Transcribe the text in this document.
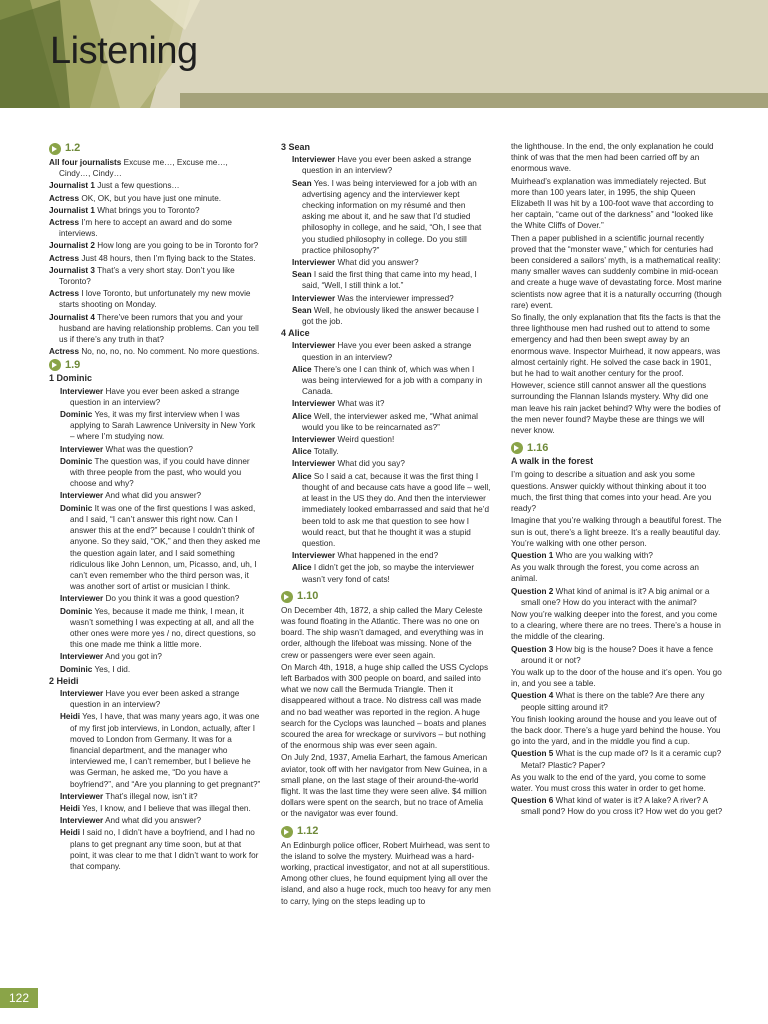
Listening
1.2
All four journalists Excuse me…, Excuse me…, Cindy…, Cindy…
Journalist 1 Just a few questions…
Actress OK, OK, but you have just one minute.
Journalist 1 What brings you to Toronto?
Actress I’m here to accept an award and do some interviews.
Journalist 2 How long are you going to be in Toronto for?
Actress Just 48 hours, then I’m flying back to the States.
Journalist 3 That’s a very short stay. Don’t you like Toronto?
Actress I love Toronto, but unfortunately my new movie starts shooting on Monday.
Journalist 4 There’ve been rumors that you and your husband are having relationship problems. Can you tell us if there’s any truth in that?
Actress No, no, no, no. No comment. No more questions.
1.9
1 Dominic
Interviewer Have you ever been asked a strange question in an interview?
Dominic Yes, it was my first interview when I was applying to Sarah Lawrence University in New York – where I’m studying now.
Interviewer What was the question?
Dominic The question was, if you could have dinner with three people from the past, who would you choose and why?
Interviewer And what did you answer?
Dominic It was one of the first questions I was asked, and I said, “I can’t answer this right now. Can I answer this at the end?” because I couldn’t think of anyone. So they said, “OK,” and then they asked me the question again later, and I said something ridiculous like John Lennon, um, Picasso, and, uh, I can’t even remember who the third person was, it was another sort of artist or musician I think.
Interviewer Do you think it was a good question?
Dominic Yes, because it made me think, I mean, it wasn’t something I was expecting at all, and all the other ones were more yes / no, direct questions, so this one made me think a little more.
Interviewer And you got in?
Dominic Yes, I did.
2 Heidi
Interviewer Have you ever been asked a strange question in an interview?
Heidi Yes, I have, that was many years ago, it was one of my first job interviews, in London, actually, after I moved to London from Germany. It was for a financial department, and the manager who interviewed me, I can’t remember, but I believe he was German, he asked me, “Do you have a boyfriend?”, and “Are you planning to get pregnant?”
Interviewer That’s illegal now, isn’t it?
Heidi Yes, I know, and I believe that was illegal then.
Interviewer And what did you answer?
Heidi I said no, I didn’t have a boyfriend, and I had no plans to get pregnant any time soon, but at that point, it was clear to me that I didn’t want to work for that company.
3 Sean
Interviewer Have you ever been asked a strange question in an interview?
Sean Yes. I was being interviewed for a job with an advertising agency and the interviewer kept checking information on my résumé and then asking me about it, and he saw that I’d studied philosophy in college, and he said, “Oh, I see that you studied philosophy in college. Do you still practice philosophy?”
Interviewer What did you answer?
Sean I said the first thing that came into my head, I said, “Well, I still think a lot.”
Interviewer Was the interviewer impressed?
Sean Well, he obviously liked the answer because I got the job.
4 Alice
Interviewer Have you ever been asked a strange question in an interview?
Alice There’s one I can think of, which was when I was being interviewed for a job with a company in Canada.
Interviewer What was it?
Alice Well, the interviewer asked me, “What animal would you like to be reincarnated as?”
Interviewer Weird question!
Alice Totally.
Interviewer What did you say?
Alice So I said a cat, because it was the first thing I thought of and because cats have a good life – well, at least in the US they do. And then the interviewer immediately looked embarrassed and said that he’d been told to ask me that question to see how I would react, but that he thought it was a stupid question.
Interviewer What happened in the end?
Alice I didn’t get the job, so maybe the interviewer wasn’t very fond of cats!
1.10
On December 4th, 1872, a ship called the Mary Celeste was found floating in the Atlantic. There was no one on board. The ship wasn’t damaged, and everything was in order, although the lifeboat was missing. None of the crew or passengers were ever seen again.
On March 4th, 1918, a huge ship called the USS Cyclops left Barbados with 300 people on board, and sailed into what we now call the Bermuda Triangle. Then it disappeared without a trace. No distress call was made and no bad weather was reported in the region. A huge search for the Cyclops was launched – boats and planes scoured the area for wreckage or survivors – but nothing of the enormous ship was ever seen again.
On July 2nd, 1937, Amelia Earhart, the famous American aviator, took off with her navigator from New Guinea, in a small plane, on the last stage of their around-the-world flight. It was the last time they were seen alive. $4 million dollars were spent on the search, but no trace of Amelia or the navigator was ever found.
1.12
An Edinburgh police officer, Robert Muirhead, was sent to the island to solve the mystery. Muirhead was a hard-working, practical investigator, and not at all superstitious. Among other clues, he found equipment lying all over the island, and also a huge rock, much too heavy for any men to carry, lying on the steps leading up to
the lighthouse. In the end, the only explanation he could think of was that the men had been carried off by an enormous wave.
Muirhead’s explanation was immediately rejected. But more than 100 years later, in 1995, the ship Queen Elizabeth II was hit by a 100-foot wave that according to her captain, “came out of the darkness” and “looked like the White Cliffs of Dover.”
Then a paper published in a scientific journal recently proved that the “monster wave,” which for centuries had been considered a sailors’ myth, is a mathematical reality: many smaller waves can suddenly combine in mid-ocean and create a huge wave of devastating force. Most marine scientists now agree that it is a naturally occurring (though rare) event.
So finally, the only explanation that fits the facts is that the three lighthouse men had rushed out to attend to some emergency and had then been swept away by an enormous wave. Inspector Muirhead, it now appears, was almost certainly right. He solved the case back in 1901, but he had to wait another century for the proof.
However, science still cannot answer all the questions surrounding the Flannan Islands mystery. Why did one man leave his rain jacket behind? Why were the bodies of the men never found? Maybe these are things we will never know.
1.16
A walk in the forest
I’m going to describe a situation and ask you some questions. Answer quickly without thinking about it too much, the first thing that comes into your head. Are you ready?
Imagine that you’re walking through a beautiful forest. The sun is out, there’s a light breeze. It’s a really beautiful day. You’re walking with one other person.
Question 1 Who are you walking with?
As you walk through the forest, you come across an animal.
Question 2 What kind of animal is it? A big animal or a small one? How do you interact with the animal?
Now you’re walking deeper into the forest, and you come to a clearing, where there are no trees. There’s a house in the middle of the clearing.
Question 3 How big is the house? Does it have a fence around it or not?
You walk up to the door of the house and it’s open. You go in, and you see a table.
Question 4 What is there on the table? Are there any people sitting around it?
You finish looking around the house and you leave out of the back door. There’s a huge yard behind the house. You go into the yard, and in the middle you find a cup.
Question 5 What is the cup made of? Is it a ceramic cup? Metal? Plastic? Paper?
As you walk to the end of the yard, you come to some water. You must cross this water in order to get home.
Question 6 What kind of water is it? A lake? A river? A small pond? How do you cross it? How wet do you get?
122
